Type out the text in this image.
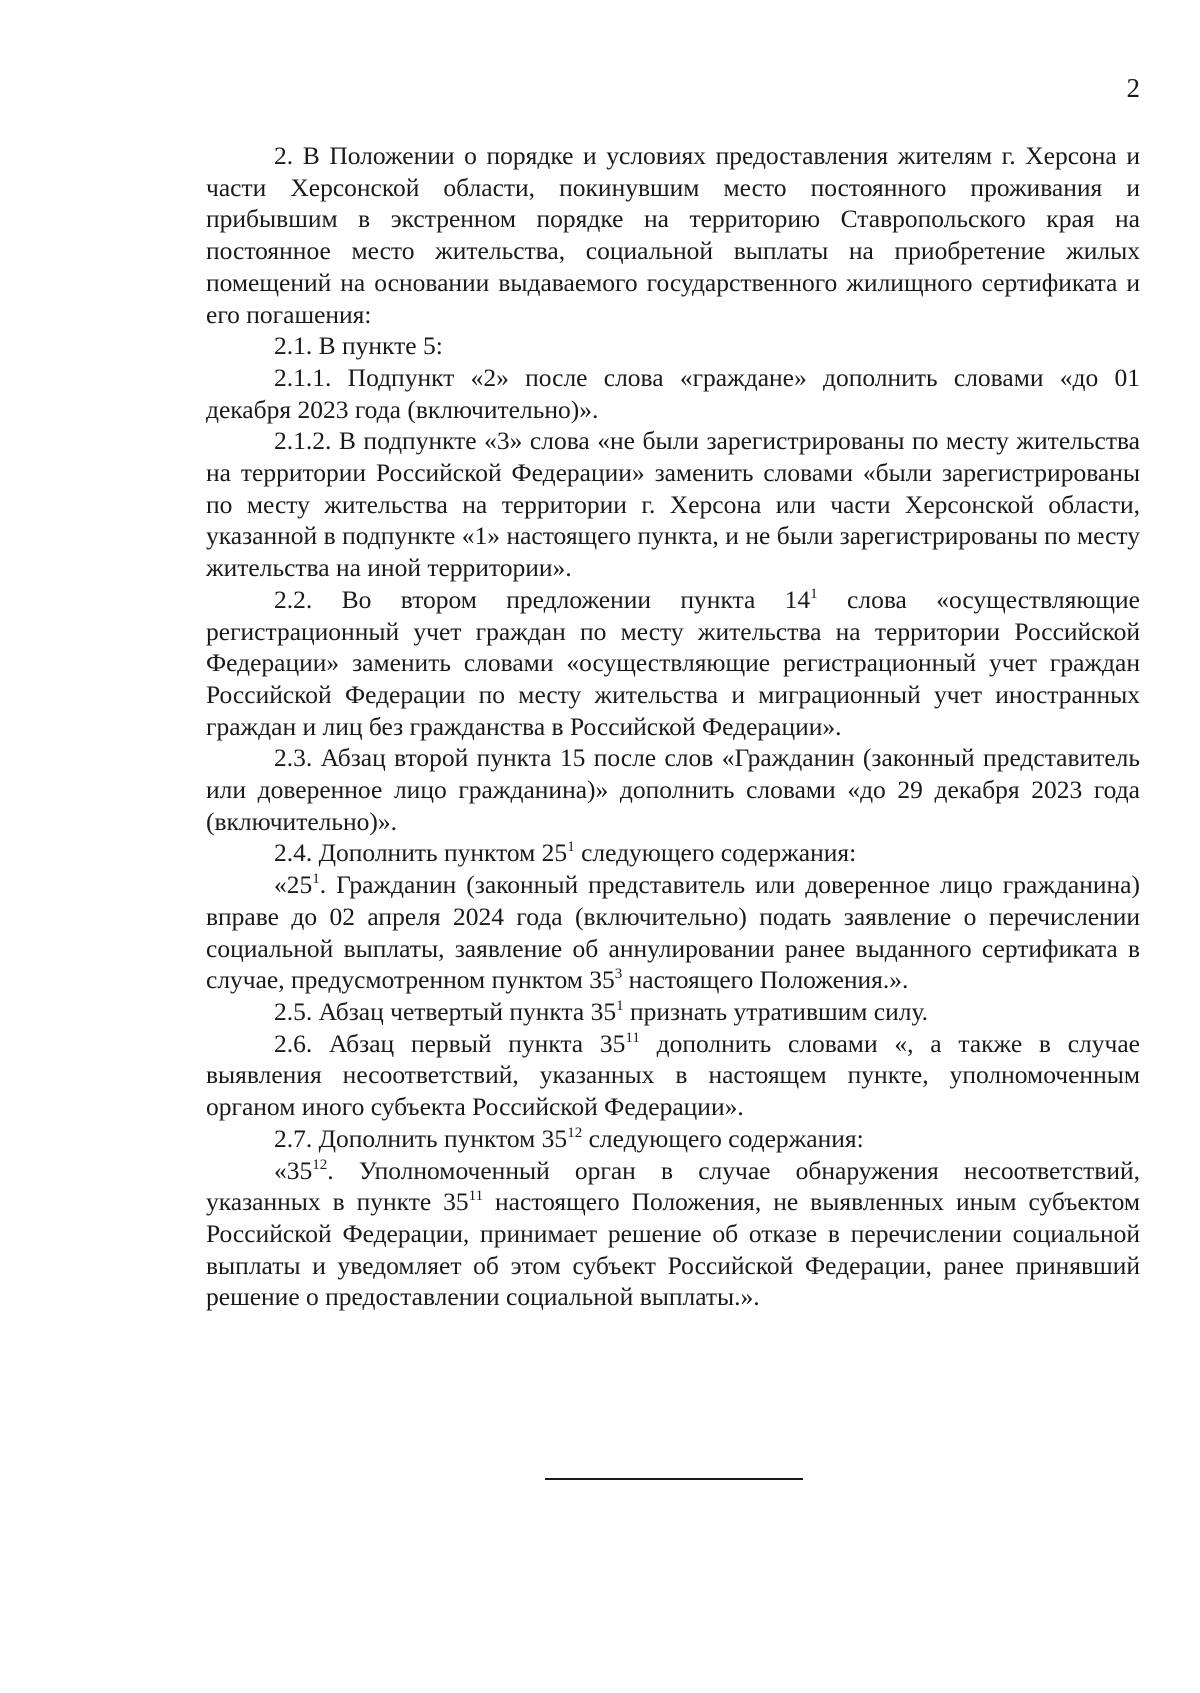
2

2. В Положении о порядке и условиях предоставления жителям г. Херсона и части Херсонской области, покинувшим место постоянного проживания и прибывшим в экстренном порядке на территорию Ставропольского края на постоянное место жительства, социальной выплаты на приобретение жилых помещений на основании выдаваемого государственного жилищного сертификата и его погашения:

2.1. В пункте 5:

2.1.1. Подпункт «2» после слова «граждане» дополнить словами «до 01 декабря 2023 года (включительно)».

2.1.2. В подпункте «3» слова «не были зарегистрированы по месту жительства на территории Российской Федерации» заменить словами «были зарегистрированы по месту жительства на территории г. Херсона или части Херсонской области, указанной в подпункте «1» настоящего пункта, и не были зарегистрированы по месту жительства на иной территории».

2.2. Во втором предложении пункта $14^1$ слова «осуществляющие регистрационный учет граждан по месту жительства на территории Российской Федерации» заменить словами «осуществляющие регистрационный учет граждан Российской Федерации по месту жительства и миграционный учет иностранных граждан и лиц без гражданства в Российской Федерации».

2.3. Абзац второй пункта 15 после слов «Гражданин (законный представитель или доверенное лицо гражданина)» дополнить словами «до 29 декабря 2023 года (включительно)».

2.4. Дополнить пунктом $25^1$ следующего содержания:

«$25^1$. Гражданин (законный представитель или доверенное лицо гражданина) вправе до 02 апреля 2024 года (включительно) подать заявление о перечислении социальной выплаты, заявление об аннулировании ранее выданного сертификата в случае, предусмотренном пунктом $35^3$ настоящего Положения.».

2.5. Абзац четвертый пункта $35^1$ признать утратившим силу.

2.6. Абзац первый пункта $35^{11}$ дополнить словами «, а также в случае выявления несоответствий, указанных в настоящем пункте, уполномоченным органом иного субъекта Российской Федерации».

2.7. Дополнить пунктом $35^{12}$ следующего содержания:

«$35^{12}$. Уполномоченный орган в случае обнаружения несоответствий, указанных в пункте $35^{11}$ настоящего Положения, не выявленных иным субъектом Российской Федерации, принимает решение об отказе в перечислении социальной выплаты и уведомляет об этом субъект Российской Федерации, ранее принявший решение о предоставлении социальной выплаты.».
